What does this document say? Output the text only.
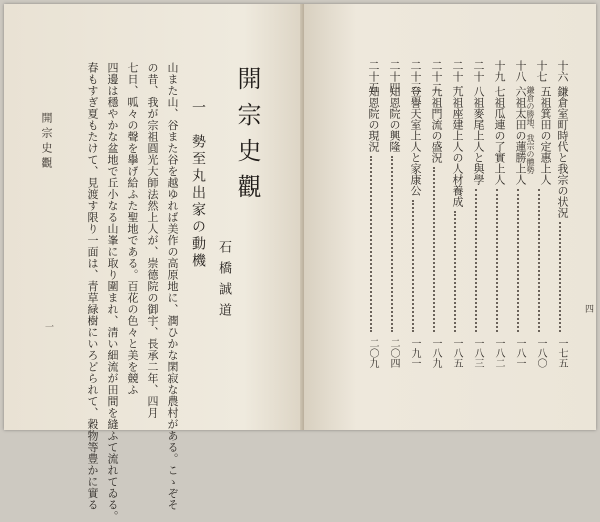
開宗史觀
一	山また山、谷また谷を越ゆれば美作の高原地に、潤ひかな閑寂な農村がある。こゝぞそ
の昔、我が宗祖圓光大師法然上人が、崇德院の御宇、長承二年、四月
七日、呱々の聲を擧げ給ふた聖地である。百花の色々と美を競ふ
四邊は穩やかな盆地で丘小なる山峯に取り圍まれ、清い細流が田間を縫ふて流れてゐる。
春もすぎ夏もたけて、見渡す限り一面は、青草緑樹にいろどられて、穀物等豊かに實る	一　勢至丸出家の動機
石橋誠道
開宗史觀
四
十六
鎌倉室町時代と我宗の状況
一七五
十七
五祖箕田の定惠上人
鎌倉の勝地、我宗の體勢
一八〇
十八
六祖太田の蓮勝上人
一八一
十九
七祖瓜連の了實上人
一八二
二十
八祖麥尾上人と與學
一八三
二十一
九祖座建上人の人材養成
一八五
二十二
九祖門流の盛況
一八九
二十三
登譽天室上人と家康公
一九一
二十四
知恩院の興隆
二〇四
二十五
知恩院の現況
二〇九
